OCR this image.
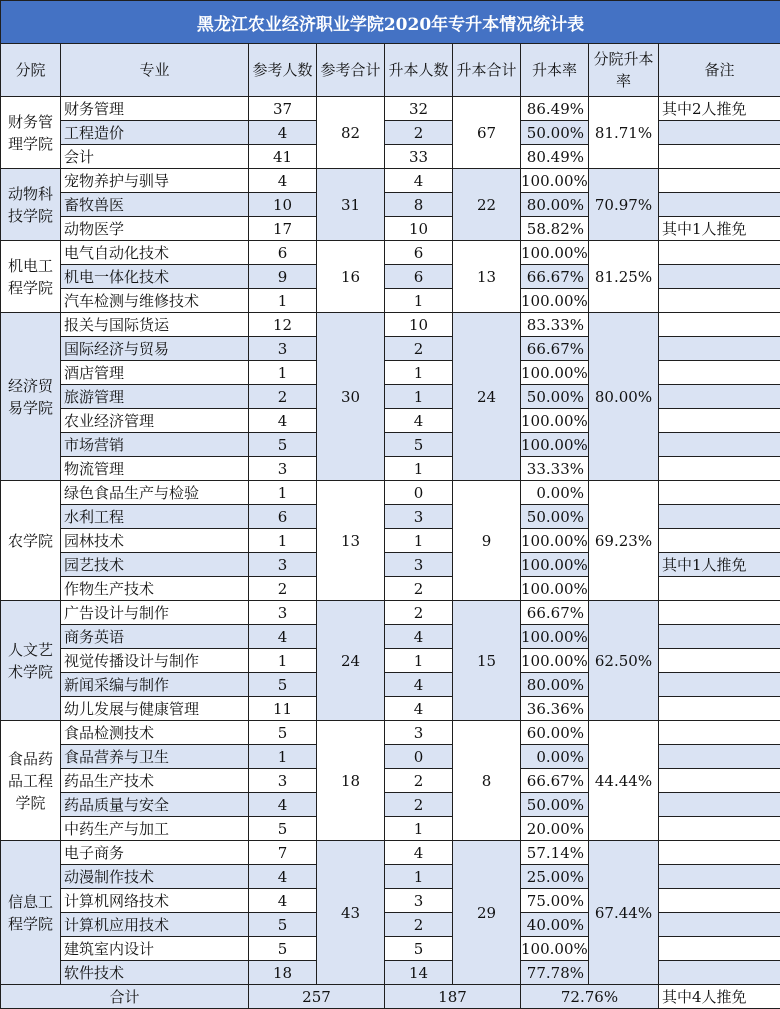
黑龙江农业经济职业学院2020年专升本情况统计表								
分院	专业	参考人数	参考合计	升本人数	升本合计	升本率	分院升本率	备注
财务管理学院	财务管理	37	82	32	67	86.49%	81.71%	其中2人推免
	工程造价	4		2		50.00%		
	会计	41		33		80.49%		
动物科技学院	宠物养护与驯导	4	31	4	22	100.00%	70.97%	
	畜牧兽医	10		8		80.00%		
	动物医学	17		10		58.82%		其中1人推免
机电工程学院	电气自动化技术	6	16	6	13	100.00%	81.25%	
	机电一体化技术	9		6		66.67%		
	汽车检测与维修技术	1		1		100.00%		
经济贸易学院	报关与国际货运	12	30	10	24	83.33%	80.00%	
	国际经济与贸易	3		2		66.67%		
	酒店管理	1		1		100.00%		
	旅游管理	2		1		50.00%		
	农业经济管理	4		4		100.00%		
	市场营销	5		5		100.00%		
	物流管理	3		1		33.33%		
农学院	绿色食品生产与检验	1	13	0	9	0.00%	69.23%	
	水利工程	6		3		50.00%		
	园林技术	1		1		100.00%		
	园艺技术	3		3		100.00%		其中1人推免
	作物生产技术	2		2		100.00%		
人文艺术学院	广告设计与制作	3	24	2	15	66.67%	62.50%	
	商务英语	4		4		100.00%		
	视觉传播设计与制作	1		1		100.00%		
	新闻采编与制作	5		4		80.00%		
	幼儿发展与健康管理	11		4		36.36%		
食品药品工程学院	食品检测技术	5	18	3	8	60.00%	44.44%	
	食品营养与卫生	1		0		0.00%		
	药品生产技术	3		2		66.67%		
	药品质量与安全	4		2		50.00%		
	中药生产与加工	5		1		20.00%		
信息工程学院	电子商务	7	43	4	29	57.14%	67.44%	
	动漫制作技术	4		1		25.00%		
	计算机网络技术	4		3		75.00%		
	计算机应用技术	5		2		40.00%		
	建筑室内设计	5		5		100.00%		
	软件技术	18		14		77.78%		
合计		257		187		72.76%		其中4人推免
